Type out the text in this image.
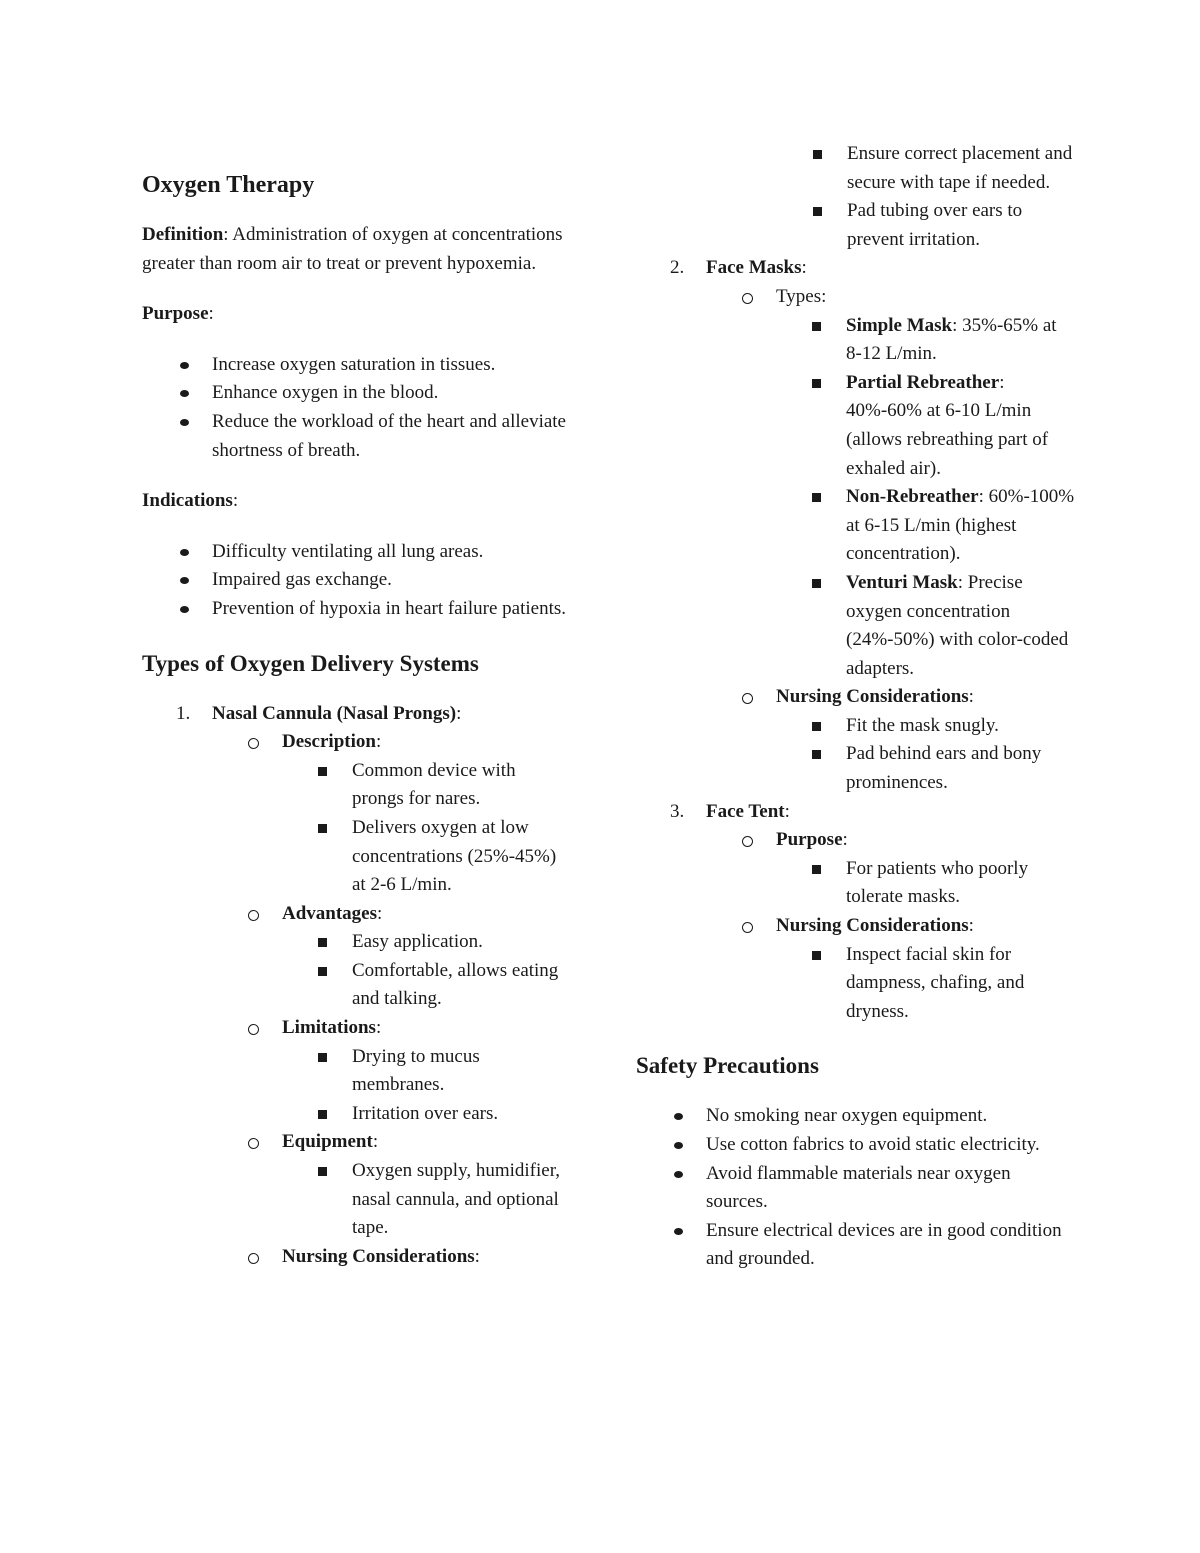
Oxygen Therapy

Definition: Administration of oxygen at concentrations greater than room air to treat or prevent hypoxemia.

Purpose:

Increase oxygen saturation in tissues.
Enhance oxygen in the blood.
Reduce the workload of the heart and alleviate shortness of breath.

Indications:

Difficulty ventilating all lung areas.
Impaired gas exchange.
Prevention of hypoxia in heart failure patients.
Types of Oxygen Delivery Systems
1.	Nasal Cannula (Nasal Prongs):
Description:
Common device with prongs for nares.
Delivers oxygen at low concentrations (25%-45%) at 2-6 L/min.
Advantages:
Easy application.
Comfortable, allows eating and talking.
Limitations:
Drying to mucus membranes.
Irritation over ears.
Equipment:
Oxygen supply, humidifier, nasal cannula, and optional tape.
Nursing Considerations:
Ensure correct placement and secure with tape if needed.
Pad tubing over ears to prevent irritation.
2.	Face Masks:
Types:
Simple Mask: 35%-65% at 8-12 L/min.
Partial Rebreather: 40%-60% at 6-10 L/min (allows rebreathing part of exhaled air).
Non-Rebreather: 60%-100% at 6-15 L/min (highest concentration).
Venturi Mask: Precise oxygen concentration (24%-50%) with color-coded adapters.
Nursing Considerations:
Fit the mask snugly.
Pad behind ears and bony prominences.
3.	Face Tent:
Purpose:
For patients who poorly tolerate masks.
Nursing Considerations:
Inspect facial skin for dampness, chafing, and dryness.
Safety Precautions
No smoking near oxygen equipment.
Use cotton fabrics to avoid static electricity.
Avoid flammable materials near oxygen sources.
Ensure electrical devices are in good condition and grounded.
